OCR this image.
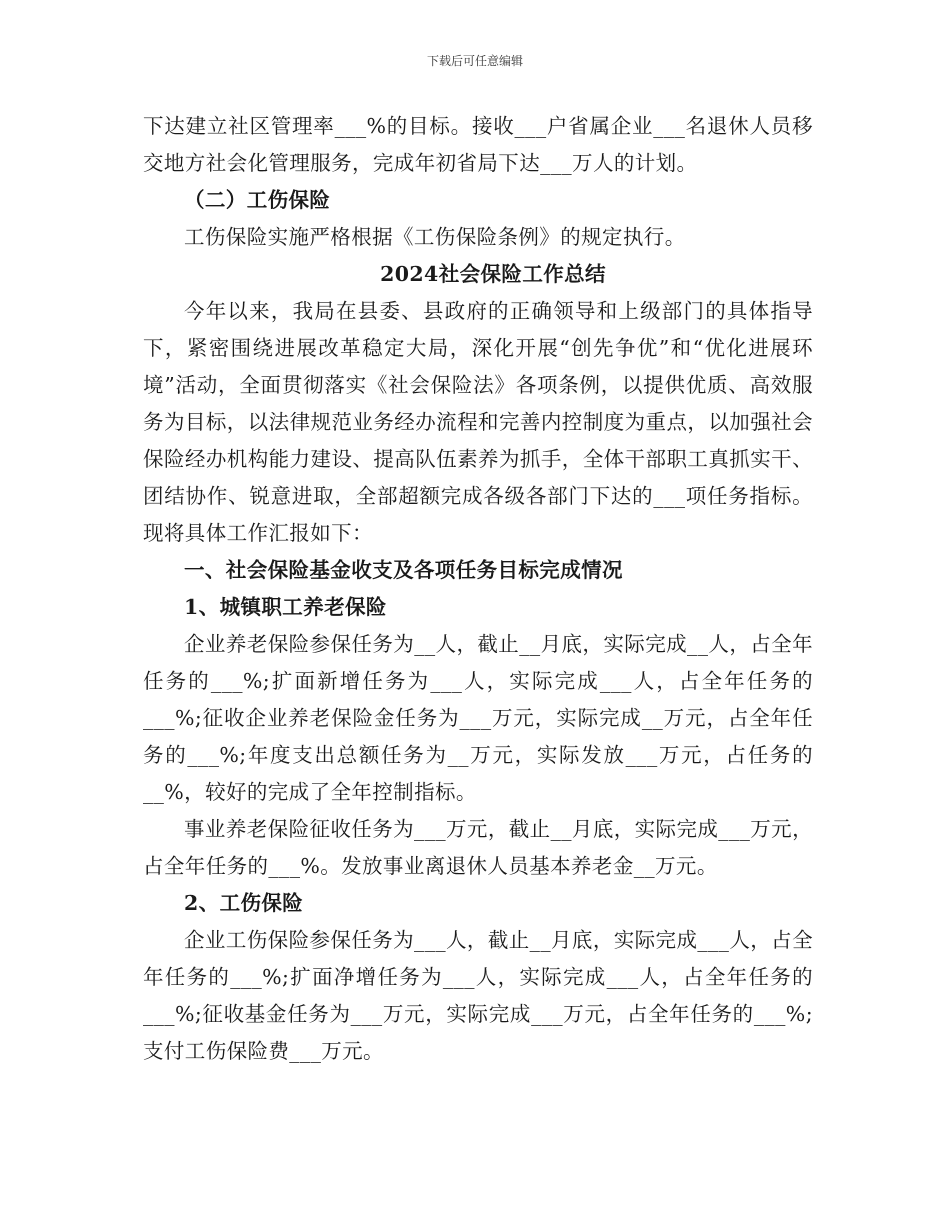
下载后可任意编辑

下达建立社区管理率___%的目标。接收___户省属企业___名退休人员移交地方社会化管理服务，完成年初省局下达___万人的计划。

（二）工伤保险

工伤保险实施严格根据《工伤保险条例》的规定执行。

2024社会保险工作总结

今年以来，我局在县委、县政府的正确领导和上级部门的具体指导下，紧密围绕进展改革稳定大局，深化开展“创先争优”和“优化进展环境”活动，全面贯彻落实《社会保险法》各项条例，以提供优质、高效服务为目标，以法律规范业务经办流程和完善内控制度为重点，以加强社会保险经办机构能力建设、提高队伍素养为抓手，全体干部职工真抓实干、团结协作、锐意进取，全部超额完成各级各部门下达的___项任务指标。现将具体工作汇报如下：

一、社会保险基金收支及各项任务目标完成情况

1、城镇职工养老保险

企业养老保险参保任务为__人，截止__月底，实际完成__人，占全年任务的___%;扩面新增任务为___人，实际完成___人，占全年任务的___%;征收企业养老保险金任务为___万元，实际完成__万元，占全年任务的___%;年度支出总额任务为__万元，实际发放___万元，占任务的__%，较好的完成了全年控制指标。

事业养老保险征收任务为___万元，截止__月底，实际完成___万元，占全年任务的___%。发放事业离退休人员基本养老金__万元。

2、工伤保险

企业工伤保险参保任务为___人，截止__月底，实际完成___人，占全年任务的___%;扩面净增任务为___人，实际完成___人，占全年任务的___%;征收基金任务为___万元，实际完成___万元，占全年任务的___%;支付工伤保险费___万元。
